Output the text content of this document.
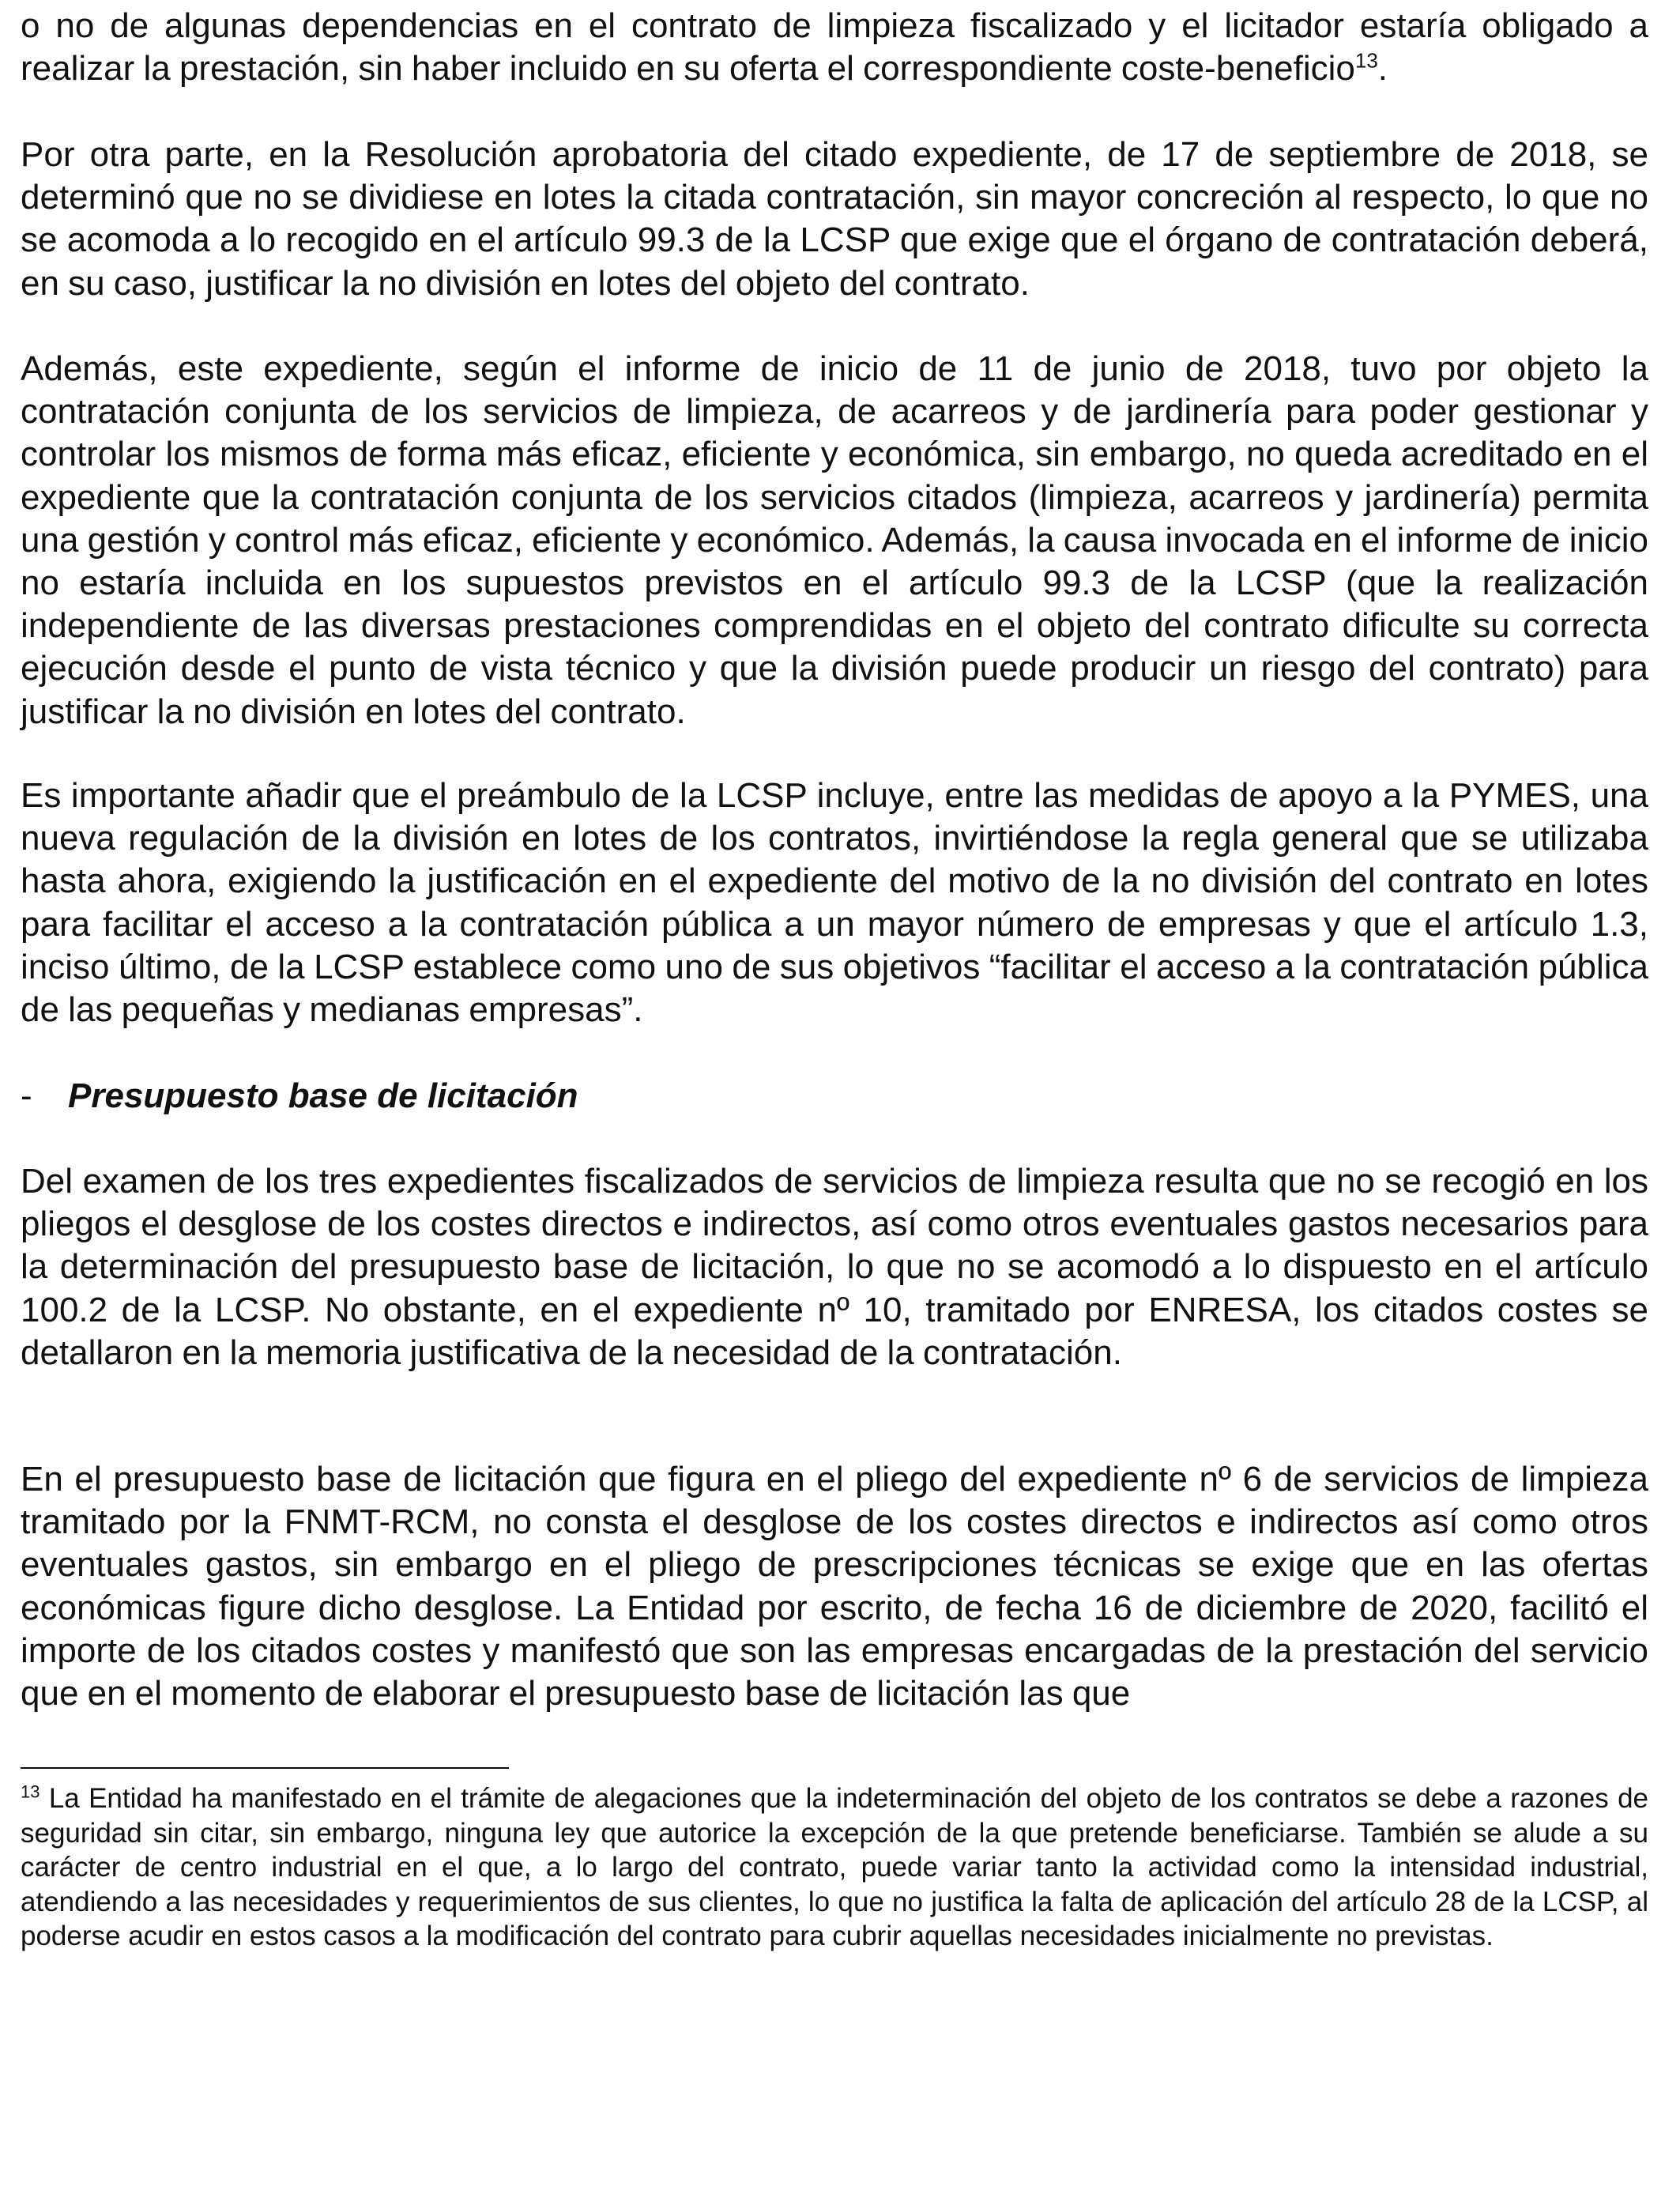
o no de algunas dependencias en el contrato de limpieza fiscalizado y el licitador estaría obligado a realizar la prestación, sin haber incluido en su oferta el correspondiente coste-beneficio$^{13}$.

Por otra parte, en la Resolución aprobatoria del citado expediente, de 17 de septiembre de 2018, se determinó que no se dividiese en lotes la citada contratación, sin mayor concreción al respecto, lo que no se acomoda a lo recogido en el artículo 99.3 de la LCSP que exige que el órgano de contratación deberá, en su caso, justificar la no división en lotes del objeto del contrato.

Además, este expediente, según el informe de inicio de 11 de junio de 2018, tuvo por objeto la contratación conjunta de los servicios de limpieza, de acarreos y de jardinería para poder gestionar y controlar los mismos de forma más eficaz, eficiente y económica, sin embargo, no queda acreditado en el expediente que la contratación conjunta de los servicios citados (limpieza, acarreos y jardinería) permita una gestión y control más eficaz, eficiente y económico. Además, la causa invocada en el informe de inicio no estaría incluida en los supuestos previstos en el artículo 99.3 de la LCSP (que la realización independiente de las diversas prestaciones comprendidas en el objeto del contrato dificulte su correcta ejecución desde el punto de vista técnico y que la división puede producir un riesgo del contrato) para justificar la no división en lotes del contrato.

Es importante añadir que el preámbulo de la LCSP incluye, entre las medidas de apoyo a la PYMES, una nueva regulación de la división en lotes de los contratos, invirtiéndose la regla general que se utilizaba hasta ahora, exigiendo la justificación en el expediente del motivo de la no división del contrato en lotes para facilitar el acceso a la contratación pública a un mayor número de empresas y que el artículo 1.3, inciso último, de la LCSP establece como uno de sus objetivos “facilitar el acceso a la contratación pública de las pequeñas y medianas empresas”.

- Presupuesto base de licitación

Del examen de los tres expedientes fiscalizados de servicios de limpieza resulta que no se recogió en los pliegos el desglose de los costes directos e indirectos, así como otros eventuales gastos necesarios para la determinación del presupuesto base de licitación, lo que no se acomodó a lo dispuesto en el artículo 100.2 de la LCSP. No obstante, en el expediente nº 10, tramitado por ENRESA, los citados costes se detallaron en la memoria justificativa de la necesidad de la contratación.

En el presupuesto base de licitación que figura en el pliego del expediente nº 6 de servicios de limpieza tramitado por la FNMT-RCM, no consta el desglose de los costes directos e indirectos así como otros eventuales gastos, sin embargo en el pliego de prescripciones técnicas se exige que en las ofertas económicas figure dicho desglose. La Entidad por escrito, de fecha 16 de diciembre de 2020, facilitó el importe de los citados costes y manifestó que son las empresas encargadas de la prestación del servicio que en el momento de elaborar el presupuesto base de licitación las que

$^{13}$ La Entidad ha manifestado en el trámite de alegaciones que la indeterminación del objeto de los contratos se debe a razones de seguridad sin citar, sin embargo, ninguna ley que autorice la excepción de la que pretende beneficiarse. También se alude a su carácter de centro industrial en el que, a lo largo del contrato, puede variar tanto la actividad como la intensidad industrial, atendiendo a las necesidades y requerimientos de sus clientes, lo que no justifica la falta de aplicación del artículo 28 de la LCSP, al poderse acudir en estos casos a la modificación del contrato para cubrir aquellas necesidades inicialmente no previstas.
